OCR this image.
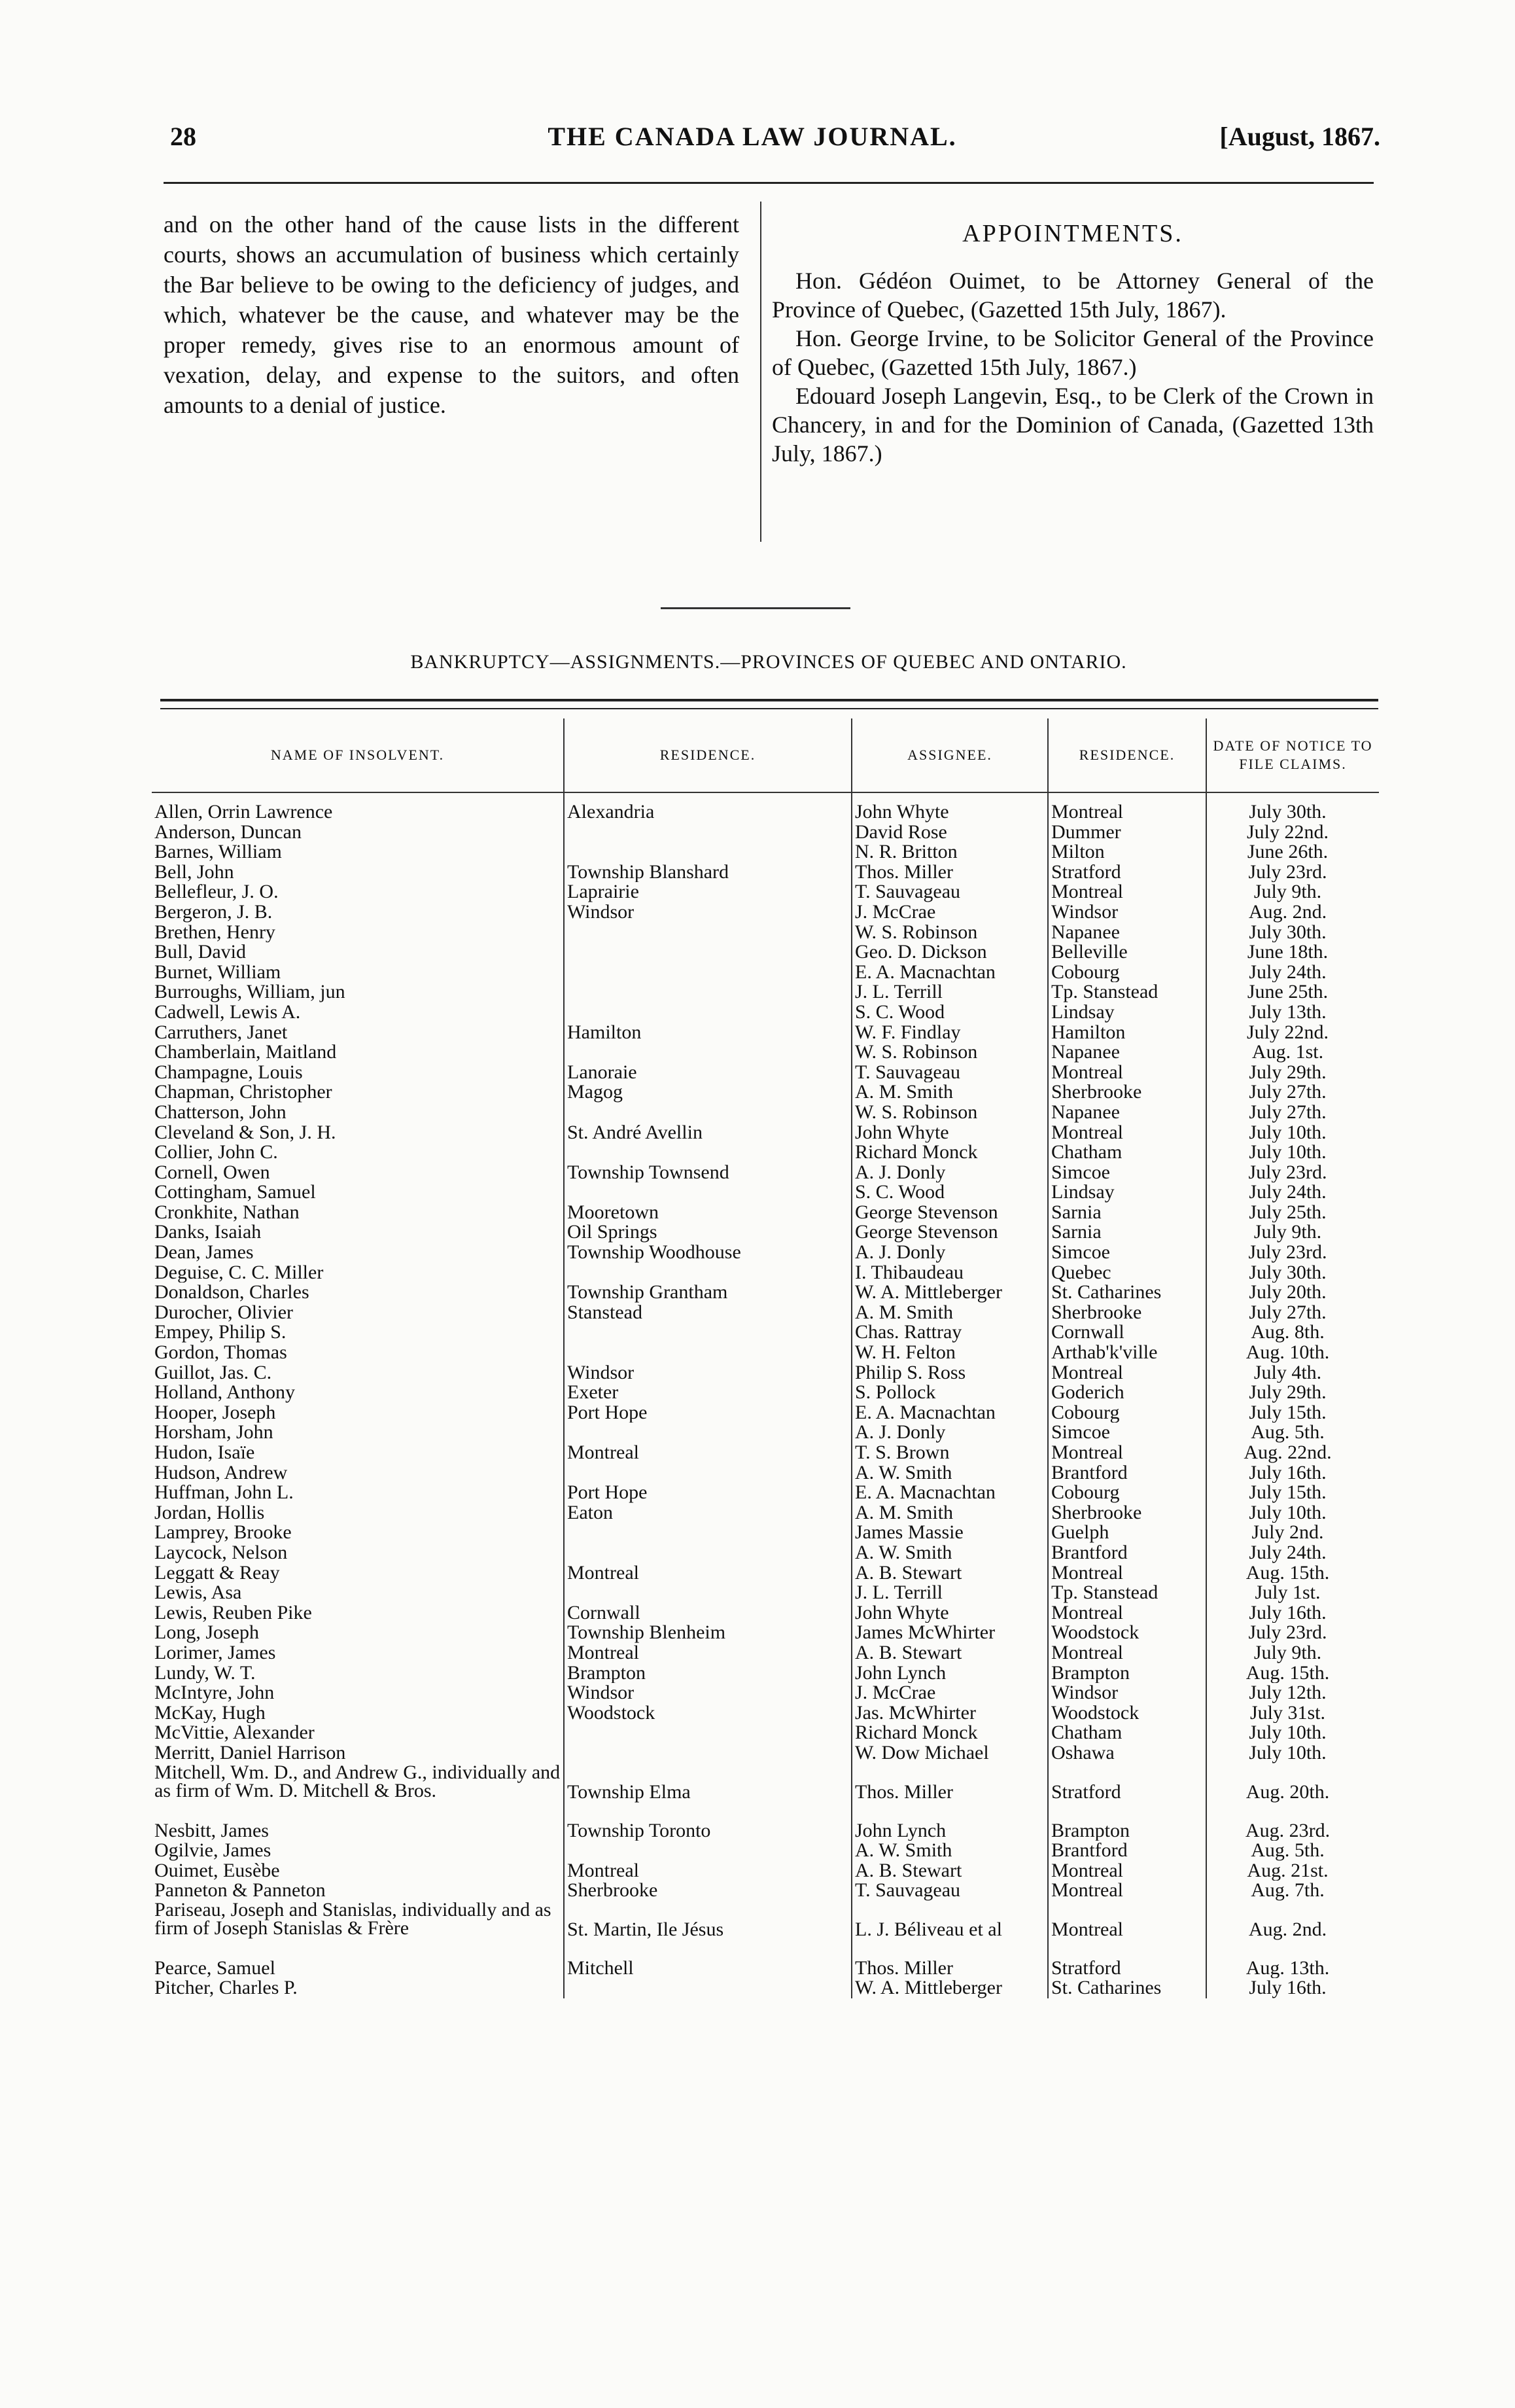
28	THE CANADA LAW JOURNAL.	[August, 1867.
and on the other hand of the cause lists in the different courts, shows an accumulation of business which certainly the Bar believe to be owing to the deficiency of judges, and which, whatever be the cause, and whatever may be the proper remedy, gives rise to an enormous amount of vexation, delay, and expense to the suitors, and often amounts to a denial of justice.

APPOINTMENTS.

Hon. Gédéon Ouimet, to be Attorney General of the Province of Quebec, (Gazetted 15th July, 1867).

Hon. George Irvine, to be Solicitor General of the Province of Quebec, (Gazetted 15th July, 1867.)

Edouard Joseph Langevin, Esq., to be Clerk of the Crown in Chancery, in and for the Dominion of Canada, (Gazetted 13th July, 1867.)

BANKRUPTCY—ASSIGNMENTS.—PROVINCES OF QUEBEC AND ONTARIO.
NAME OF INSOLVENT.	RESIDENCE.	ASSIGNEE.	RESIDENCE.	DATE OF NOTICE TO FILE CLAIMS.
Allen, Orrin Lawrence	Alexandria	John Whyte	Montreal	July 30th.
Anderson, Duncan		David Rose	Dummer	July 22nd.
Barnes, William		N. R. Britton	Milton	June 26th.
Bell, John	Township Blanshard	Thos. Miller	Stratford	July 23rd.
Bellefleur, J. O.	Laprairie	T. Sauvageau	Montreal	July 9th.
Bergeron, J. B.	Windsor	J. McCrae	Windsor	Aug. 2nd.
Brethen, Henry		W. S. Robinson	Napanee	July 30th.
Bull, David		Geo. D. Dickson	Belleville	June 18th.
Burnet, William		E. A. Macnachtan	Cobourg	July 24th.
Burroughs, William, jun		J. L. Terrill	Tp. Stanstead	June 25th.
Cadwell, Lewis A.		S. C. Wood	Lindsay	July 13th.
Carruthers, Janet	Hamilton	W. F. Findlay	Hamilton	July 22nd.
Chamberlain, Maitland		W. S. Robinson	Napanee	Aug. 1st.
Champagne, Louis	Lanoraie	T. Sauvageau	Montreal	July 29th.
Chapman, Christopher	Magog	A. M. Smith	Sherbrooke	July 27th.
Chatterson, John		W. S. Robinson	Napanee	July 27th.
Cleveland & Son, J. H.	St. André Avellin	John Whyte	Montreal	July 10th.
Collier, John C.		Richard Monck	Chatham	July 10th.
Cornell, Owen	Township Townsend	A. J. Donly	Simcoe	July 23rd.
Cottingham, Samuel		S. C. Wood	Lindsay	July 24th.
Cronkhite, Nathan	Mooretown	George Stevenson	Sarnia	July 25th.
Danks, Isaiah	Oil Springs	George Stevenson	Sarnia	July 9th.
Dean, James	Township Woodhouse	A. J. Donly	Simcoe	July 23rd.
Deguise, C. C. Miller		I. Thibaudeau	Quebec	July 30th.
Donaldson, Charles	Township Grantham	W. A. Mittleberger	St. Catharines	July 20th.
Durocher, Olivier	Stanstead	A. M. Smith	Sherbrooke	July 27th.
Empey, Philip S.		Chas. Rattray	Cornwall	Aug. 8th.
Gordon, Thomas		W. H. Felton	Arthab'k'ville	Aug. 10th.
Guillot, Jas. C.	Windsor	Philip S. Ross	Montreal	July 4th.
Holland, Anthony	Exeter	S. Pollock	Goderich	July 29th.
Hooper, Joseph	Port Hope	E. A. Macnachtan	Cobourg	July 15th.
Horsham, John		A. J. Donly	Simcoe	Aug. 5th.
Hudon, Isaïe	Montreal	T. S. Brown	Montreal	Aug. 22nd.
Hudson, Andrew		A. W. Smith	Brantford	July 16th.
Huffman, John L.	Port Hope	E. A. Macnachtan	Cobourg	July 15th.
Jordan, Hollis	Eaton	A. M. Smith	Sherbrooke	July 10th.
Lamprey, Brooke		James Massie	Guelph	July 2nd.
Laycock, Nelson		A. W. Smith	Brantford	July 24th.
Leggatt & Reay	Montreal	A. B. Stewart	Montreal	Aug. 15th.
Lewis, Asa		J. L. Terrill	Tp. Stanstead	July 1st.
Lewis, Reuben Pike	Cornwall	John Whyte	Montreal	July 16th.
Long, Joseph	Township Blenheim	James McWhirter	Woodstock	July 23rd.
Lorimer, James	Montreal	A. B. Stewart	Montreal	July 9th.
Lundy, W. T.	Brampton	John Lynch	Brampton	Aug. 15th.
McIntyre, John	Windsor	J. McCrae	Windsor	July 12th.
McKay, Hugh	Woodstock	Jas. McWhirter	Woodstock	July 31st.
McVittie, Alexander		Richard Monck	Chatham	July 10th.
Merritt, Daniel Harrison		W. Dow Michael	Oshawa	July 10th.
Mitchell, Wm. D., and Andrew G., individually and as firm of Wm. D. Mitchell & Bros.	Township Elma	Thos. Miller	Stratford	Aug. 20th.
Nesbitt, James	Township Toronto	John Lynch	Brampton	Aug. 23rd.
Ogilvie, James		A. W. Smith	Brantford	Aug. 5th.
Ouimet, Eusèbe	Montreal	A. B. Stewart	Montreal	Aug. 21st.
Panneton & Panneton	Sherbrooke	T. Sauvageau	Montreal	Aug. 7th.
Pariseau, Joseph and Stanislas, individually and as firm of Joseph Stanislas & Frère	St. Martin, Ile Jésus	L. J. Béliveau et al	Montreal	Aug. 2nd.
Pearce, Samuel	Mitchell	Thos. Miller	Stratford	Aug. 13th.
Pitcher, Charles P.		W. A. Mittleberger	St. Catharines	July 16th.
